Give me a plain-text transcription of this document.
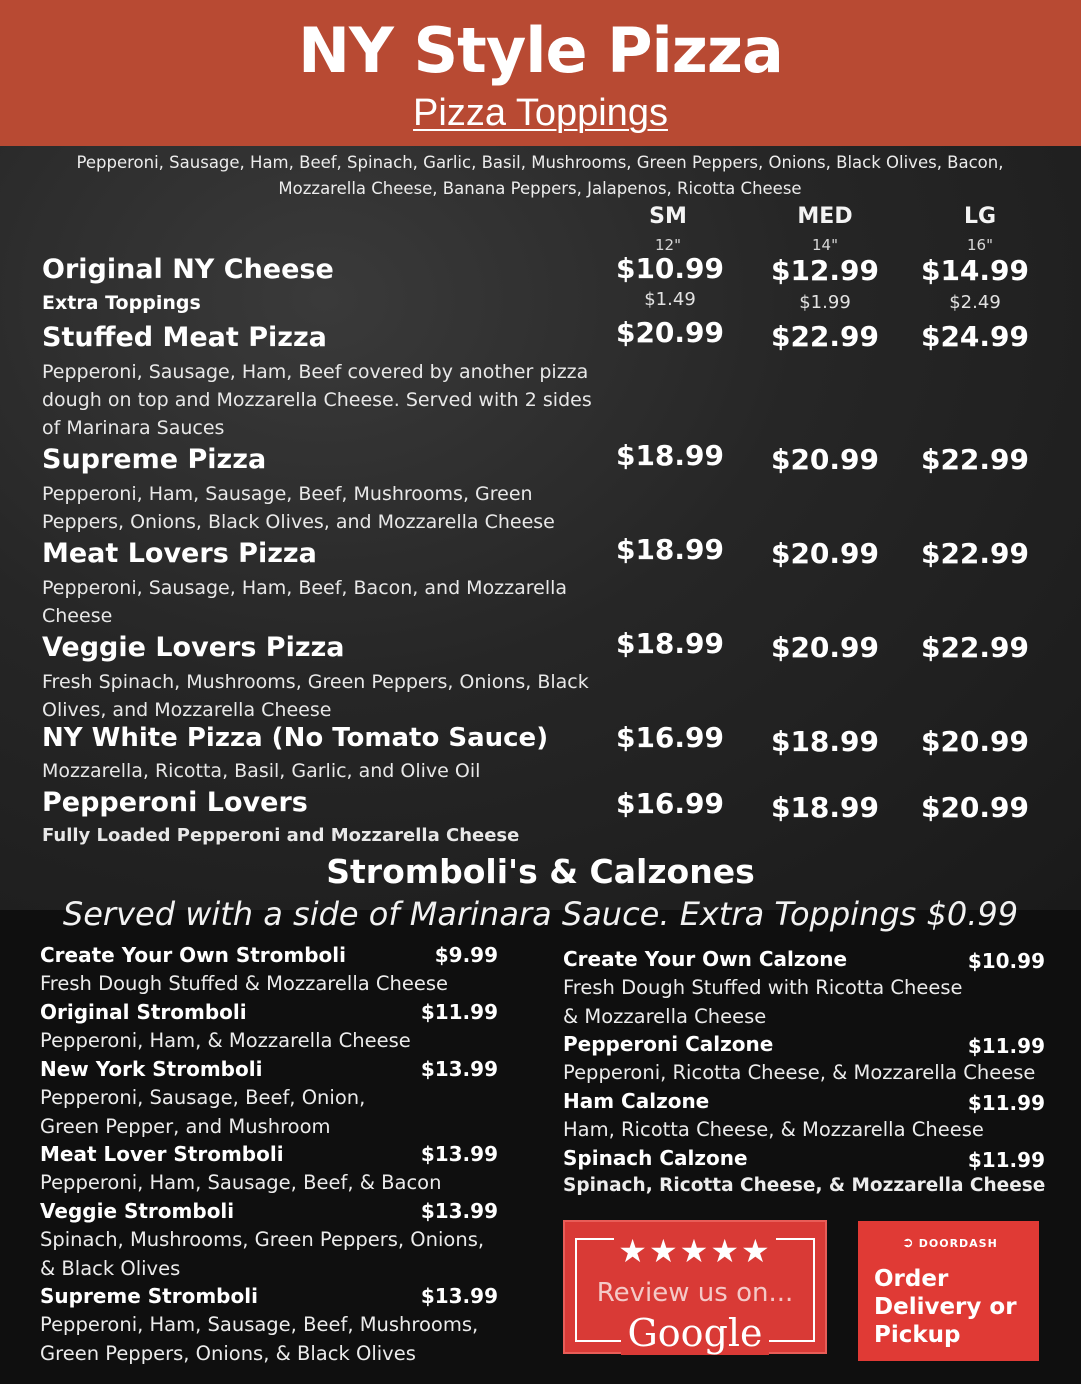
NY Style Pizza
Pizza Toppings
Pepperoni, Sausage, Ham, Beef, Spinach, Garlic, Basil, Mushrooms, Green Peppers, Onions, Black Olives, Bacon, Mozzarella Cheese, Banana Peppers, Jalapenos, Ricotta Cheese
SM	MED	LG
12"	14"	16"
Original NY Cheese	$10.99	$12.99	$14.99
Extra Toppings	$1.49	$1.99	$2.49
Stuffed Meat Pizza
Pepperoni, Sausage, Ham, Beef covered by another pizza dough on top and Mozzarella Cheese. Served with 2 sides of Marinara Sauces
$20.99	$22.99	$24.99
Supreme Pizza
Pepperoni, Ham, Sausage, Beef, Mushrooms, Green Peppers, Onions, Black Olives, and Mozzarella Cheese
$18.99	$20.99	$22.99
Meat Lovers Pizza
Pepperoni, Sausage, Ham, Beef, Bacon, and Mozzarella Cheese
$18.99	$20.99	$22.99
Veggie Lovers Pizza
Fresh Spinach, Mushrooms, Green Peppers, Onions, Black Olives, and Mozzarella Cheese
$18.99	$20.99	$22.99
NY White Pizza (No Tomato Sauce)
Mozzarella, Ricotta, Basil, Garlic, and Olive Oil
$16.99	$18.99	$20.99
Pepperoni Lovers
Fully Loaded Pepperoni and Mozzarella Cheese
$16.99	$18.99	$20.99
Stromboli's & Calzones
Served with a side of Marinara Sauce. Extra Toppings $0.99
Create Your Own Stromboli	$9.99
Fresh Dough Stuffed & Mozzarella Cheese
Original Stromboli	$11.99
Pepperoni, Ham, & Mozzarella Cheese
New York Stromboli	$13.99
Pepperoni, Sausage, Beef, Onion, Green Pepper, and Mushroom
Meat Lover Stromboli	$13.99
Pepperoni, Ham, Sausage, Beef, & Bacon
Veggie Stromboli	$13.99
Spinach, Mushrooms, Green Peppers, Onions, & Black Olives
Supreme Stromboli	$13.99
Pepperoni, Ham, Sausage, Beef, Mushrooms, Green Peppers, Onions, & Black Olives
Create Your Own Calzone	$10.99
Fresh Dough Stuffed with Ricotta Cheese & Mozzarella Cheese
Pepperoni Calzone	$11.99
Pepperoni, Ricotta Cheese, & Mozzarella Cheese
Ham Calzone	$11.99
Ham, Ricotta Cheese, & Mozzarella Cheese
Spinach Calzone	$11.99
Spinach, Ricotta Cheese, & Mozzarella Cheese
★★★★★
Review us on...
Google
➲ DOORDASH
Order Delivery or Pickup
